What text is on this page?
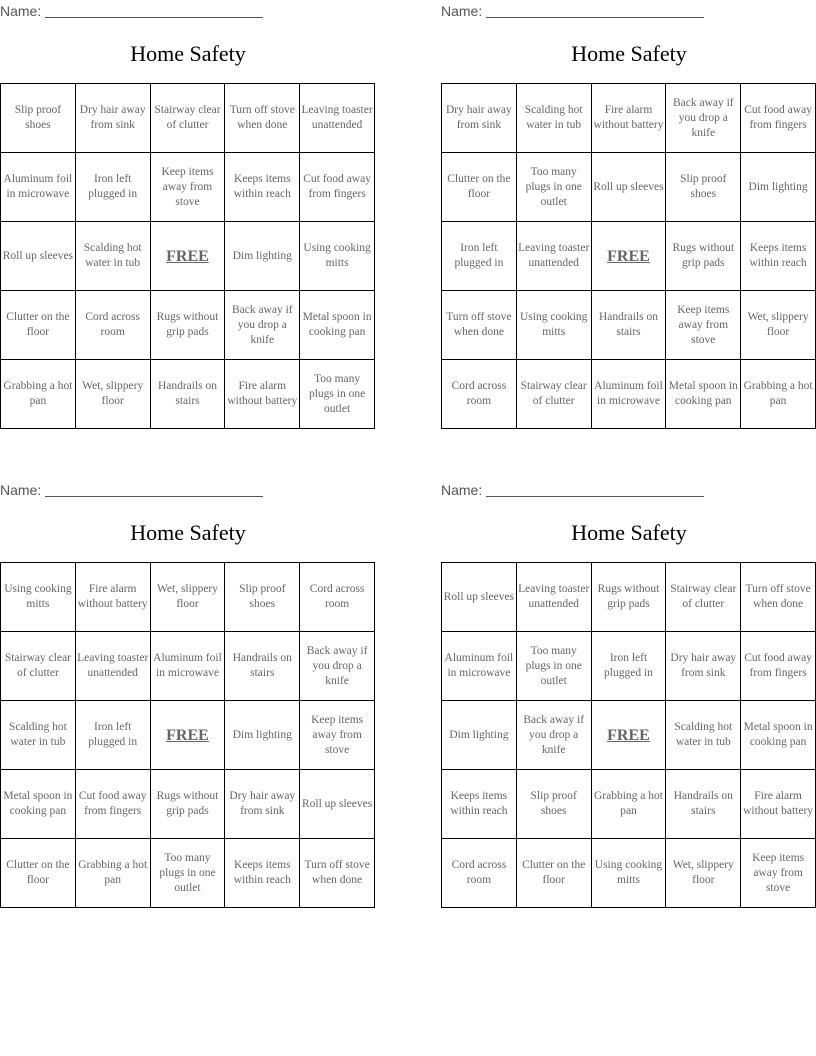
Name:
Home Safety
Slip proof shoes	Dry hair away from sink	Stairway clear of clutter	Turn off stove when done	Leaving toaster unattended
Aluminum foil in microwave	Iron left plugged in	Keep items away from stove	Keeps items within reach	Cut food away from fingers
Roll up sleeves	Scalding hot water in tub	FREE	Dim lighting	Using cooking mitts
Clutter on the floor	Cord across room	Rugs without grip pads	Back away if you drop a knife	Metal spoon in cooking pan
Grabbing a hot pan	Wet, slippery floor	Handrails on stairs	Fire alarm without battery	Too many plugs in one outlet
Name:
Home Safety
Dry hair away from sink	Scalding hot water in tub	Fire alarm without battery	Back away if you drop a knife	Cut food away from fingers
Clutter on the floor	Too many plugs in one outlet	Roll up sleeves	Slip proof shoes	Dim lighting
Iron left plugged in	Leaving toaster unattended	FREE	Rugs without grip pads	Keeps items within reach
Turn off stove when done	Using cooking mitts	Handrails on stairs	Keep items away from stove	Wet, slippery floor
Cord across room	Stairway clear of clutter	Aluminum foil in microwave	Metal spoon in cooking pan	Grabbing a hot pan
Name:
Home Safety
Using cooking mitts	Fire alarm without battery	Wet, slippery floor	Slip proof shoes	Cord across room
Stairway clear of clutter	Leaving toaster unattended	Aluminum foil in microwave	Handrails on stairs	Back away if you drop a knife
Scalding hot water in tub	Iron left plugged in	FREE	Dim lighting	Keep items away from stove
Metal spoon in cooking pan	Cut food away from fingers	Rugs without grip pads	Dry hair away from sink	Roll up sleeves
Clutter on the floor	Grabbing a hot pan	Too many plugs in one outlet	Keeps items within reach	Turn off stove when done
Name:
Home Safety
Roll up sleeves	Leaving toaster unattended	Rugs without grip pads	Stairway clear of clutter	Turn off stove when done
Aluminum foil in microwave	Too many plugs in one outlet	Iron left plugged in	Dry hair away from sink	Cut food away from fingers
Dim lighting	Back away if you drop a knife	FREE	Scalding hot water in tub	Metal spoon in cooking pan
Keeps items within reach	Slip proof shoes	Grabbing a hot pan	Handrails on stairs	Fire alarm without battery
Cord across room	Clutter on the floor	Using cooking mitts	Wet, slippery floor	Keep items away from stove
